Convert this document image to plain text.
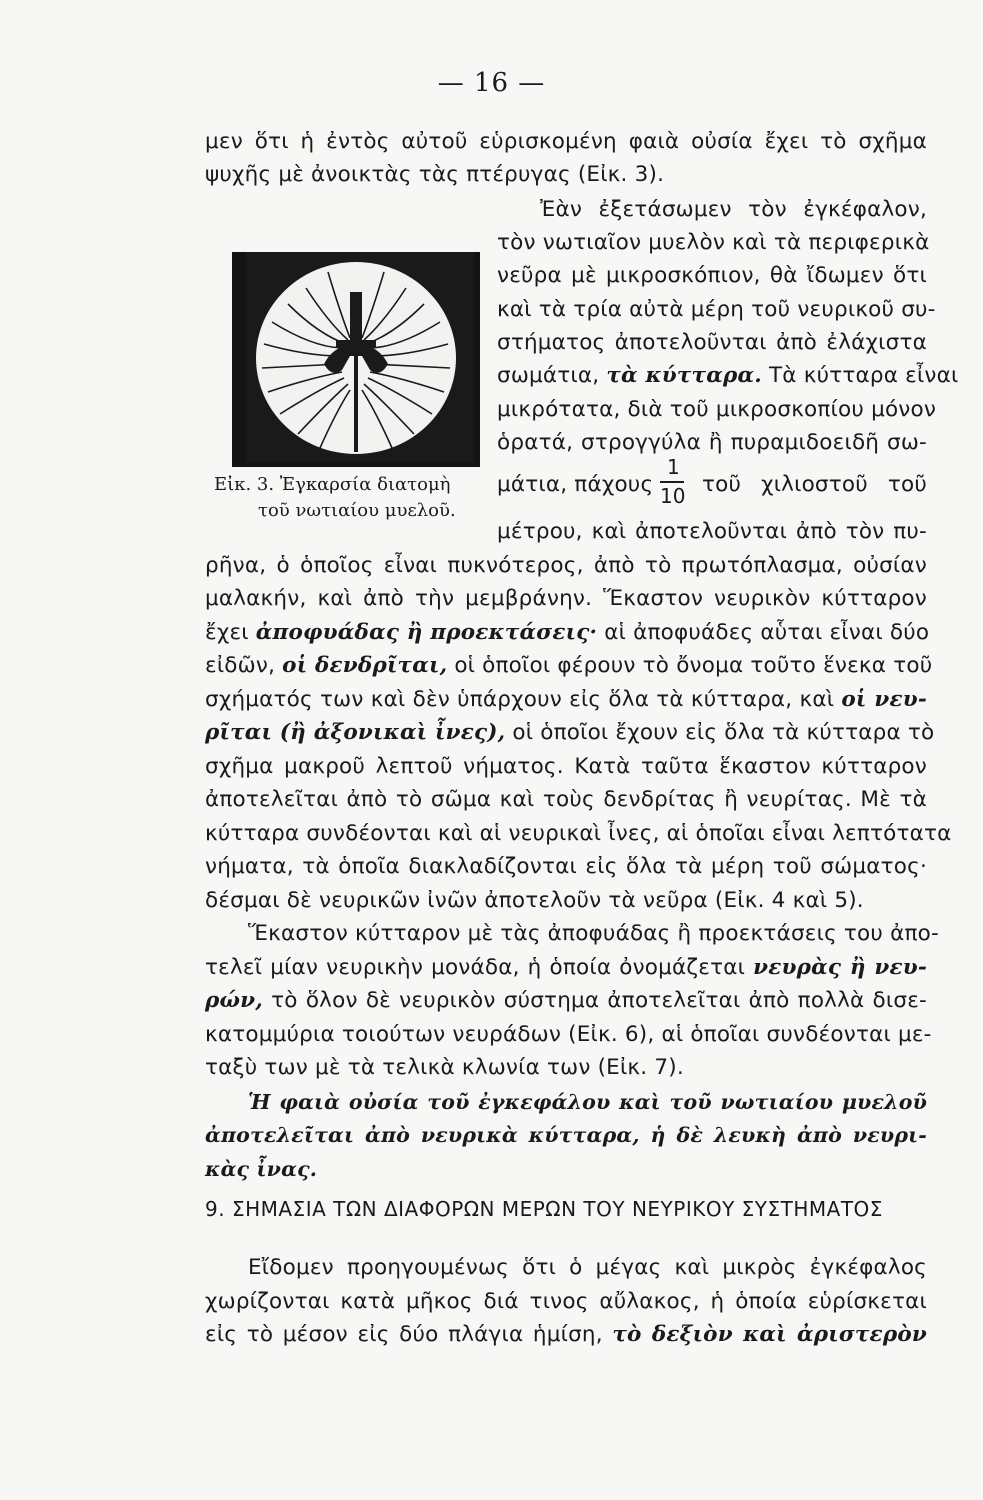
— 16 —
μεν ὅτι ἡ ἐντὸς αὐτοῦ εὑρισκομένη φαιὰ οὐσία ἔχει τὸ σχῆμα
ψυχῆς μὲ ἀνοικτὰς τὰς πτέρυγας (Εἰκ. 3).
Ἐὰν ἐξετάσωμεν τὸν ἐγκέφαλον,
τὸν νωτιαῖον μυελὸν καὶ τὰ περιφερικὰ
νεῦρα μὲ μικροσκόπιον, θὰ ἴδωμεν ὅτι
καὶ τὰ τρία αὐτὰ μέρη τοῦ νευρικοῦ συ-
στήματος ἀποτελοῦνται ἀπὸ ἐλάχιστα
σωμάτια, τὰ κύτταρα. Τὰ κύτταρα εἶναι
μικρότατα, διὰ τοῦ μικροσκοπίου μόνον
ὁρατά, στρογγύλα ἢ πυραμιδοειδῆ σω-
Εἰκ. 3. Ἐγκαρσία διατομὴ
τοῦ νωτιαίου μυελοῦ.
μάτια, πάχους
1
10 τοῦ χιλιοστοῦ τοῦ
μέτρου, καὶ ἀποτελοῦνται ἀπὸ τὸν πυ-
ρῆνα, ὁ ὁποῖος εἶναι πυκνότερος, ἀπὸ τὸ πρωτόπλασμα, οὐσίαν
μαλακήν, καὶ ἀπὸ τὴν μεμβράνην. Ἕκαστον νευρικὸν κύτταρον
ἔχει ἀποφυάδας ἢ προεκτάσεις· αἱ ἀποφυάδες αὗται εἶναι δύο
εἰδῶν, οἱ δενδρῖται, οἱ ὁποῖοι φέρουν τὸ ὄνομα τοῦτο ἕνεκα τοῦ
σχήματός των καὶ δὲν ὑπάρχουν εἰς ὅλα τὰ κύτταρα, καὶ οἱ νευ-
ρῖται (ἢ ἀξονικαὶ ἶνες), οἱ ὁποῖοι ἔχουν εἰς ὅλα τὰ κύτταρα τὸ
σχῆμα μακροῦ λεπτοῦ νήματος. Κατὰ ταῦτα ἕκαστον κύτταρον
ἀποτελεῖται ἀπὸ τὸ σῶμα καὶ τοὺς δενδρίτας ἢ νευρίτας. Μὲ τὰ
κύτταρα συνδέονται καὶ αἱ νευρικαὶ ἶνες, αἱ ὁποῖαι εἶναι λεπτότατα
νήματα, τὰ ὁποῖα διακλαδίζονται εἰς ὅλα τὰ μέρη τοῦ σώματος·
δέσμαι δὲ νευρικῶν ἰνῶν ἀποτελοῦν τὰ νεῦρα (Εἰκ. 4 καὶ 5).
Ἕκαστον κύτταρον μὲ τὰς ἀποφυάδας ἢ προεκτάσεις του ἀπο-
τελεῖ μίαν νευρικὴν μονάδα, ἡ ὁποία ὀνομάζεται νευρὰς ἢ νευ-
ρών, τὸ ὅλον δὲ νευρικὸν σύστημα ἀποτελεῖται ἀπὸ πολλὰ δισε-
κατομμύρια τοιούτων νευράδων (Εἰκ. 6), αἱ ὁποῖαι συνδέονται με-
ταξὺ των μὲ τὰ τελικὰ κλωνία των (Εἰκ. 7).
Ἡ φαιὰ οὐσία τοῦ ἐγκεφάλου καὶ τοῦ νωτιαίου μυελοῦ
ἀποτελεῖται ἀπὸ νευρικὰ κύτταρα, ἡ δὲ λευκὴ ἀπὸ νευρι-
κὰς ἶνας.
9. ΣΗΜΑΣΙΑ ΤΩΝ ΔΙΑΦΟΡΩΝ ΜΕΡΩΝ ΤΟΥ ΝΕΥΡΙΚΟΥ ΣΥΣΤΗΜΑΤΟΣ
Εἴδομεν προηγουμένως ὅτι ὁ μέγας καὶ μικρὸς ἐγκέφαλος
χωρίζονται κατὰ μῆκος διά τινος αὔλακος, ἡ ὁποία εὑρίσκεται
εἰς τὸ μέσον εἰς δύο πλάγια ἡμίση, τὸ δεξιὸν καὶ ἀριστερὸν
